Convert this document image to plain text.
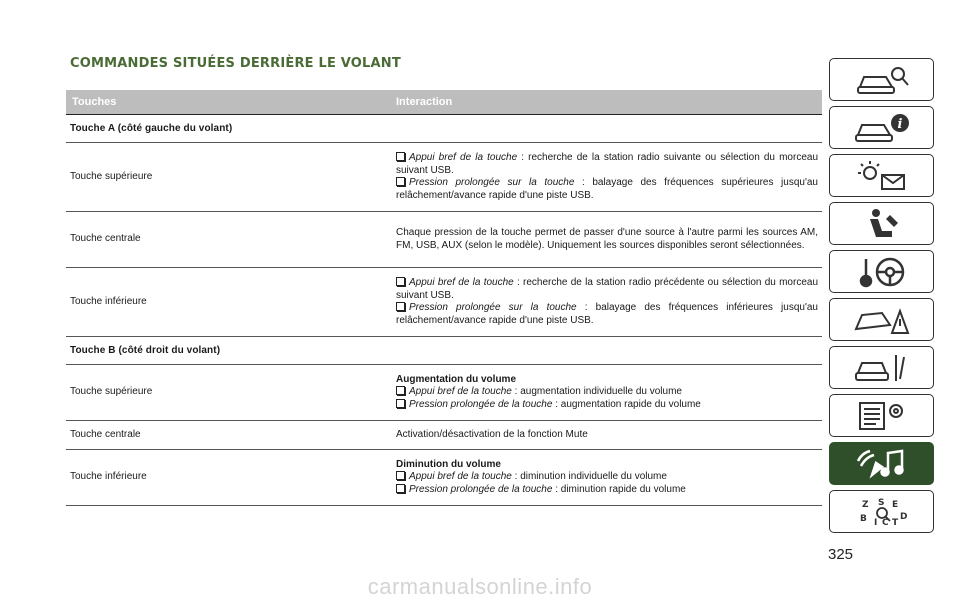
COMMANDES SITUÉES DERRIÈRE LE VOLANT
Touches	Interaction
Touche A (côté gauche du volant)
Touche supérieure
Appui bref de la touche : recherche de la station radio suivante ou sélection du morceau suivant USB.
Pression prolongée sur la touche : balayage des fréquences supérieures jusqu'au relâchement/avance rapide d'une piste USB.
Touche centrale
Chaque pression de la touche permet de passer d'une source à l'autre parmi les sources AM, FM, USB, AUX (selon le modèle). Uniquement les sources disponibles seront sélectionnées.
Touche inférieure
Appui bref de la touche : recherche de la station radio précédente ou sélection du morceau suivant USB.
Pression prolongée sur la touche : balayage des fréquences inférieures jusqu'au relâchement/avance rapide d'une piste USB.
Touche B (côté droit du volant)
Touche supérieure
Augmentation du volume
Appui bref de la touche : augmentation individuelle du volume
Pression prolongée de la touche : augmentation rapide du volume
Touche centrale	Activation/désactivation de la fonction Mute
Touche inférieure
Diminution du volume
Appui bref de la touche : diminution individuelle du volume
Pression prolongée de la touche : diminution rapide du volume
i
Z S E
B I C T
D
325
carmanualsonline.info
